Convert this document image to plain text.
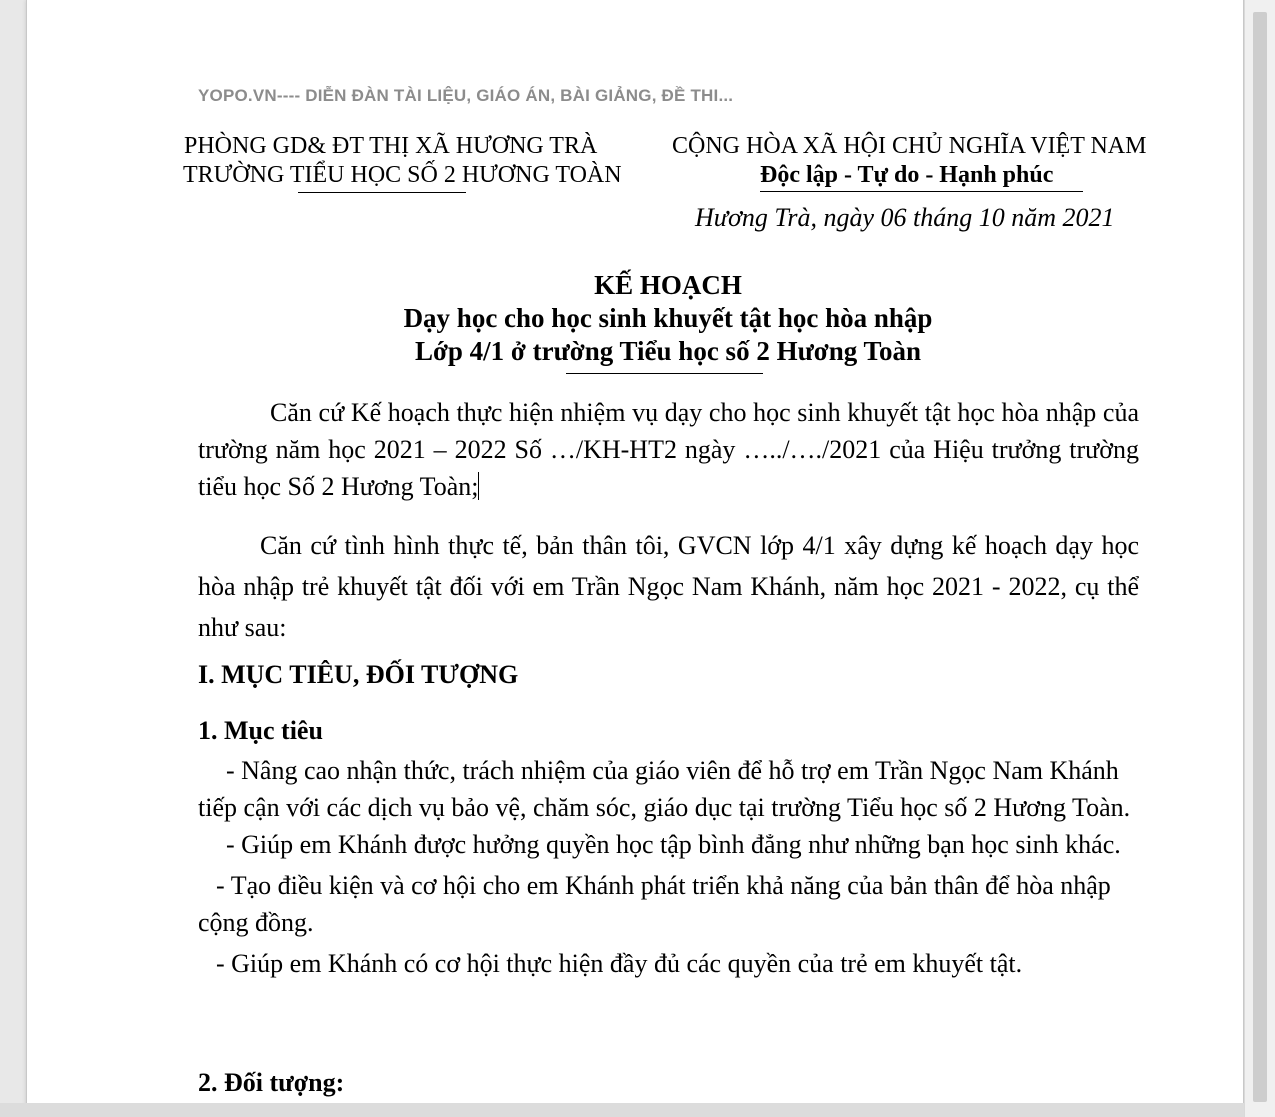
YOPO.VN---- DIỄN ĐÀN TÀI LIỆU, GIÁO ÁN, BÀI GIẢNG, ĐỀ THI...
PHÒNG GD& ĐT THỊ XÃ HƯƠNG TRÀ
TRƯỜNG TIỂU HỌC SỐ 2 HƯƠNG TOÀN
CỘNG HÒA XÃ HỘI CHỦ NGHĨA VIỆT NAM
Độc lập - Tự do - Hạnh phúc
Hương Trà, ngày 06 tháng 10 năm 2021
KẾ HOẠCH
Dạy học cho học sinh khuyết tật học hòa nhập
Lớp 4/1 ở trường Tiểu học số 2 Hương Toàn
Căn cứ Kế hoạch thực hiện nhiệm vụ dạy cho học sinh khuyết tật học hòa nhập của trường năm học 2021 – 2022 Số …/KH-HT2 ngày …../…./2021 của Hiệu trưởng trường tiểu học Số 2 Hương Toàn;
Căn cứ tình hình thực tế, bản thân tôi, GVCN lớp 4/1 xây dựng kế hoạch dạy học hòa nhập trẻ khuyết tật đối với em Trần Ngọc Nam Khánh, năm học 2021 - 2022, cụ thể như sau:
I. MỤC TIÊU, ĐỐI TƯỢNG
1. Mục tiêu

- Nâng cao nhận thức, trách nhiệm của giáo viên để hỗ trợ em Trần Ngọc Nam Khánh tiếp cận với các dịch vụ bảo vệ, chăm sóc, giáo dục tại trường Tiểu học số 2 Hương Toàn.

- Giúp em Khánh được hưởng quyền học tập bình đẳng như những bạn học sinh khác.

- Tạo điều kiện và cơ hội cho em Khánh phát triển khả năng của bản thân để hòa nhập cộng đồng.

- Giúp em Khánh có cơ hội thực hiện đầy đủ các quyền của trẻ em khuyết tật.

2. Đối tượng:
